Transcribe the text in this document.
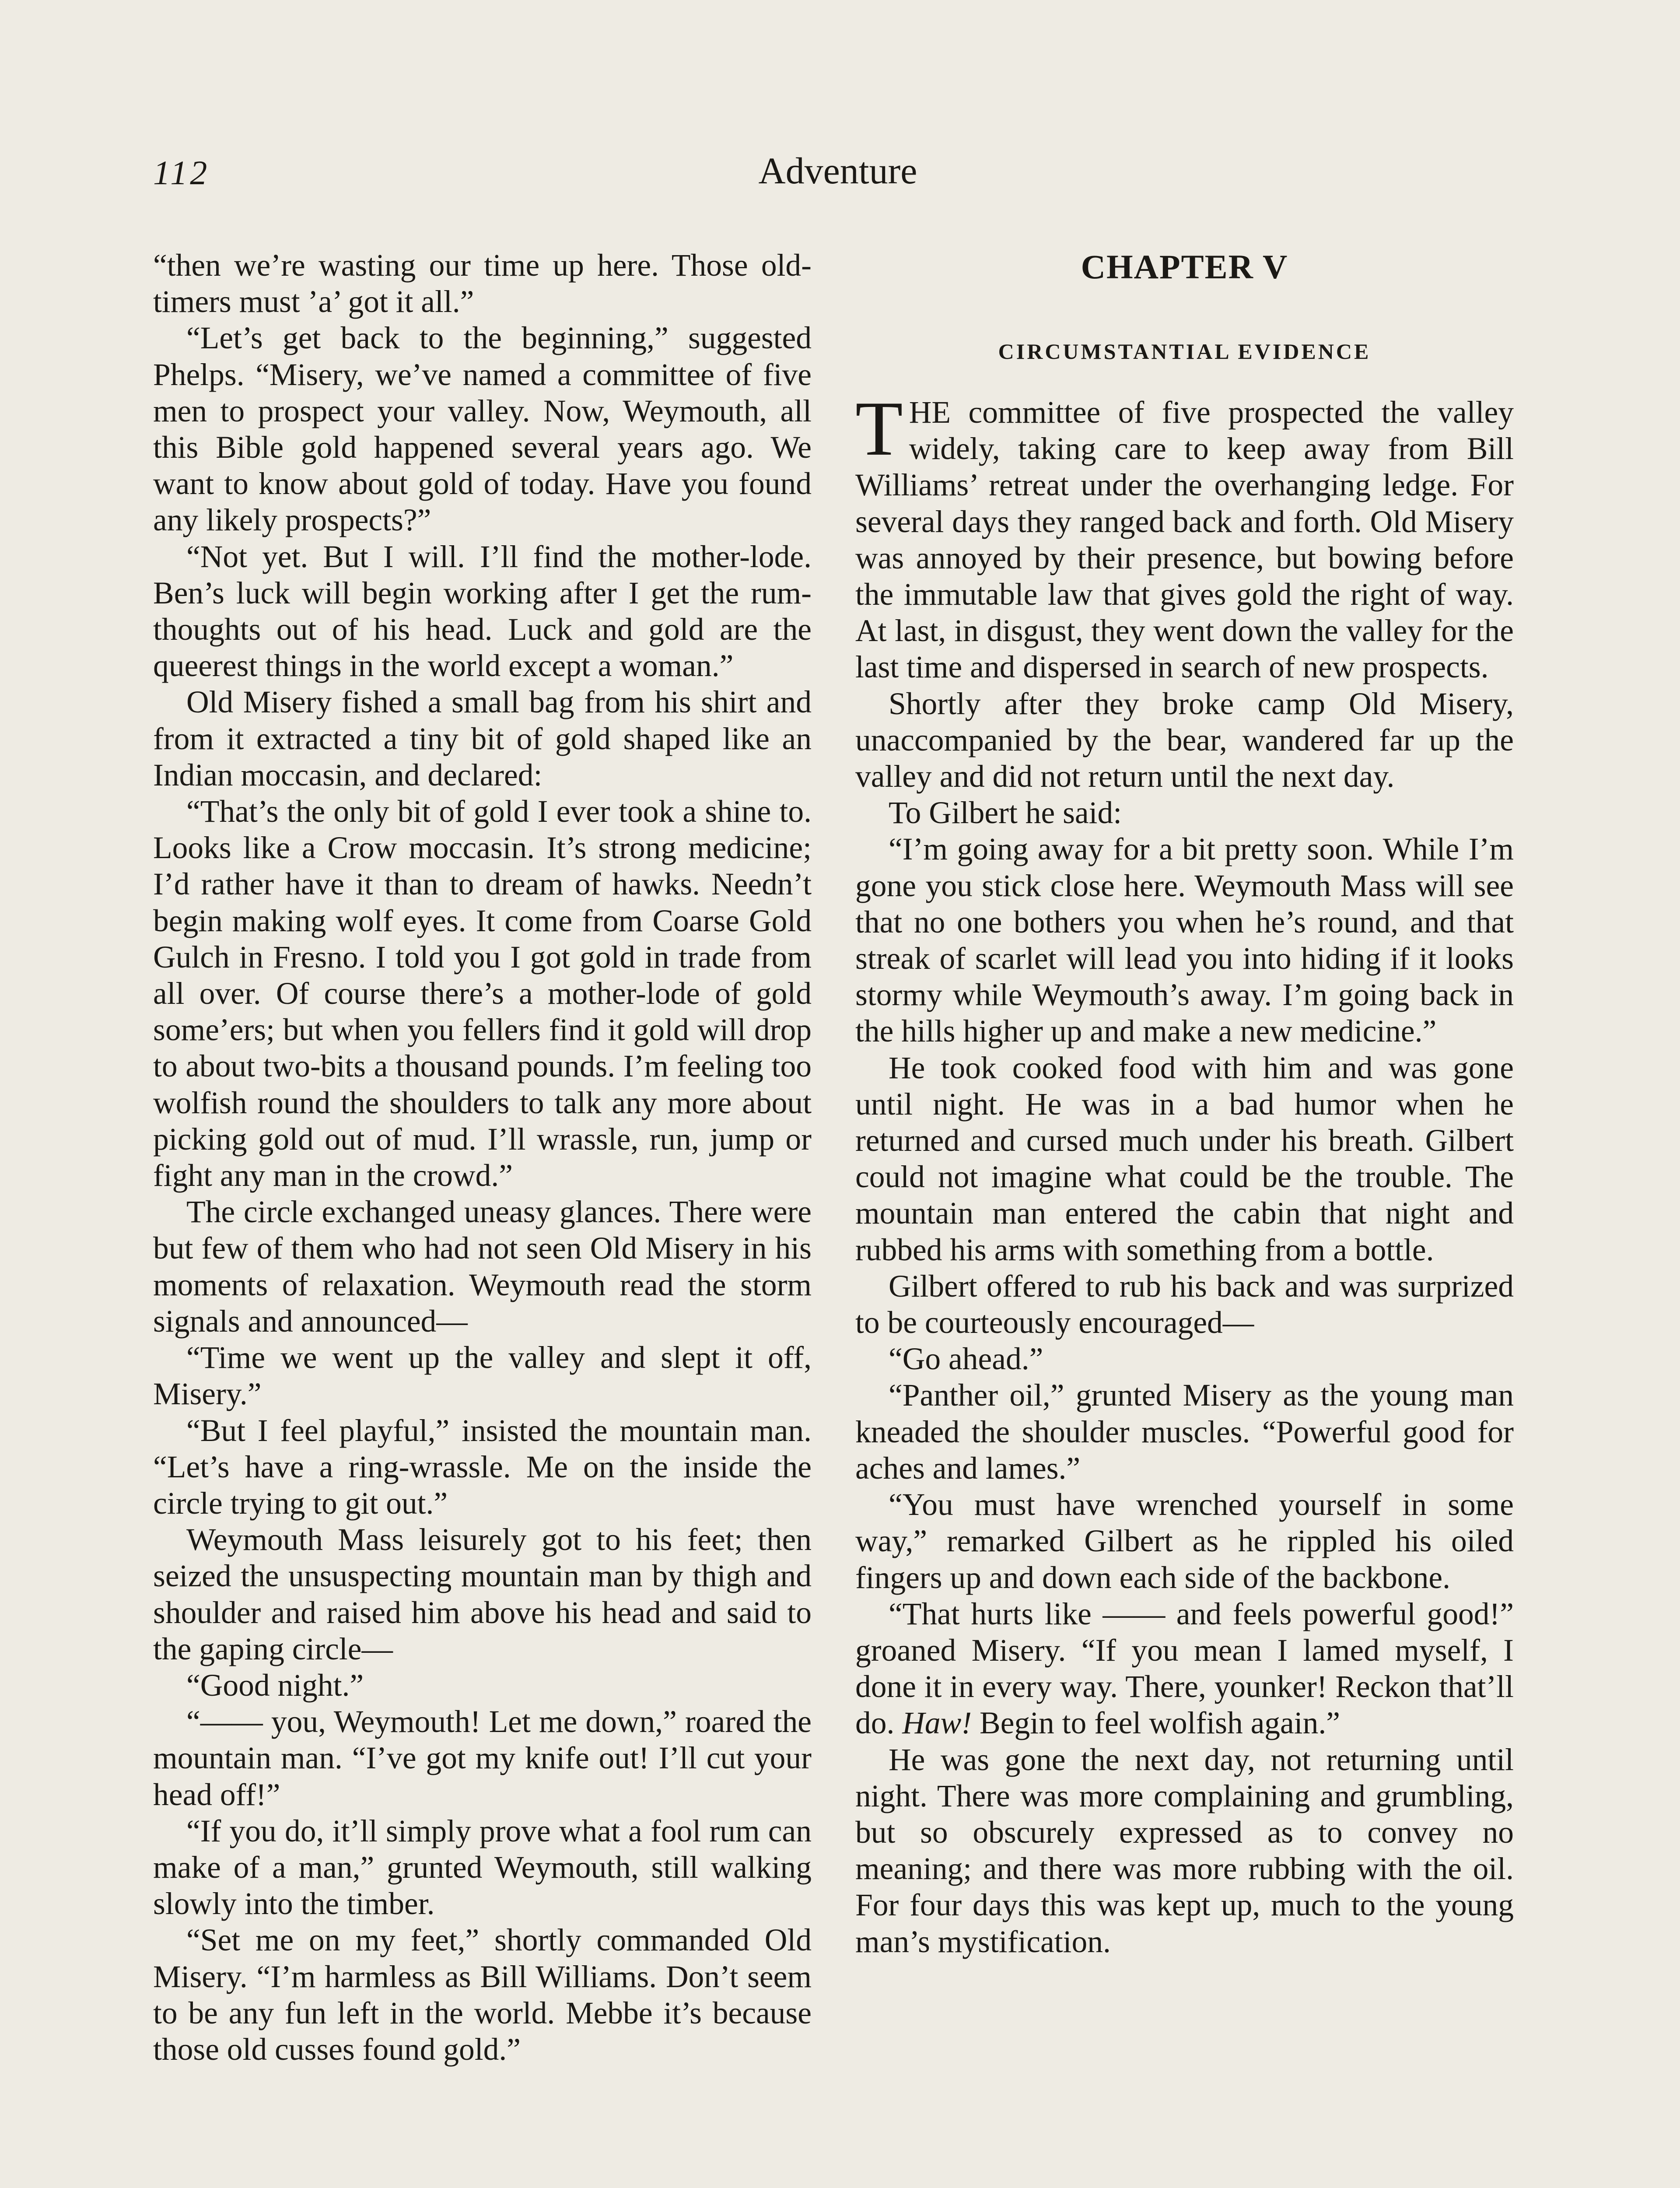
112	Adventure

“then we’re wasting our time up here. Those old-timers must ’a’ got it all.”

“Let’s get back to the beginning,” suggested Phelps. “Misery, we’ve named a committee of five men to prospect your valley. Now, Weymouth, all this Bible gold happened several years ago. We want to know about gold of today. Have you found any likely prospects?”

“Not yet. But I will. I’ll find the mother-lode. Ben’s luck will begin working after I get the rum-thoughts out of his head. Luck and gold are the queerest things in the world except a woman.”

Old Misery fished a small bag from his shirt and from it extracted a tiny bit of gold shaped like an Indian moccasin, and declared:

“That’s the only bit of gold I ever took a shine to. Looks like a Crow moccasin. It’s strong medicine; I’d rather have it than to dream of hawks. Needn’t begin making wolf eyes. It come from Coarse Gold Gulch in Fresno. I told you I got gold in trade from all over. Of course there’s a mother-lode of gold some’ers; but when you fellers find it gold will drop to about two-bits a thousand pounds. I’m feeling too wolfish round the shoulders to talk any more about picking gold out of mud. I’ll wrassle, run, jump or fight any man in the crowd.”

The circle exchanged uneasy glances. There were but few of them who had not seen Old Misery in his moments of relaxation. Weymouth read the storm signals and announced—

“Time we went up the valley and slept it off, Misery.”

“But I feel playful,” insisted the mountain man. “Let’s have a ring-wrassle. Me on the inside the circle trying to git out.”

Weymouth Mass leisurely got to his feet; then seized the unsuspecting mountain man by thigh and shoulder and raised him above his head and said to the gaping circle—

“Good night.”

“—— you, Weymouth! Let me down,” roared the mountain man. “I’ve got my knife out! I’ll cut your head off!”

“If you do, it’ll simply prove what a fool rum can make of a man,” grunted Weymouth, still walking slowly into the timber.

“Set me on my feet,” shortly commanded Old Misery. “I’m harmless as Bill Williams. Don’t seem to be any fun left in the world. Mebbe it’s because those old cusses found gold.”

CHAPTER V
CIRCUMSTANTIAL EVIDENCE

THE committee of five prospected the valley widely, taking care to keep away from Bill Williams’ retreat under the overhanging ledge. For several days they ranged back and forth. Old Misery was annoyed by their presence, but bowing before the immutable law that gives gold the right of way. At last, in disgust, they went down the valley for the last time and dispersed in search of new prospects.

Shortly after they broke camp Old Misery, unaccompanied by the bear, wandered far up the valley and did not return until the next day.

To Gilbert he said:

“I’m going away for a bit pretty soon. While I’m gone you stick close here. Weymouth Mass will see that no one bothers you when he’s round, and that streak of scarlet will lead you into hiding if it looks stormy while Weymouth’s away. I’m going back in the hills higher up and make a new medicine.”

He took cooked food with him and was gone until night. He was in a bad humor when he returned and cursed much under his breath. Gilbert could not imagine what could be the trouble. The mountain man entered the cabin that night and rubbed his arms with something from a bottle.

Gilbert offered to rub his back and was surprized to be courteously encouraged—

“Go ahead.”

“Panther oil,” grunted Misery as the young man kneaded the shoulder muscles. “Powerful good for aches and lames.”

“You must have wrenched yourself in some way,” remarked Gilbert as he rippled his oiled fingers up and down each side of the backbone.

“That hurts like —— and feels powerful good!” groaned Misery. “If you mean I lamed myself, I done it in every way. There, younker! Reckon that’ll do. Haw! Begin to feel wolfish again.”

He was gone the next day, not returning until night. There was more complaining and grumbling, but so obscurely expressed as to convey no meaning; and there was more rubbing with the oil. For four days this was kept up, much to the young man’s mystification.
